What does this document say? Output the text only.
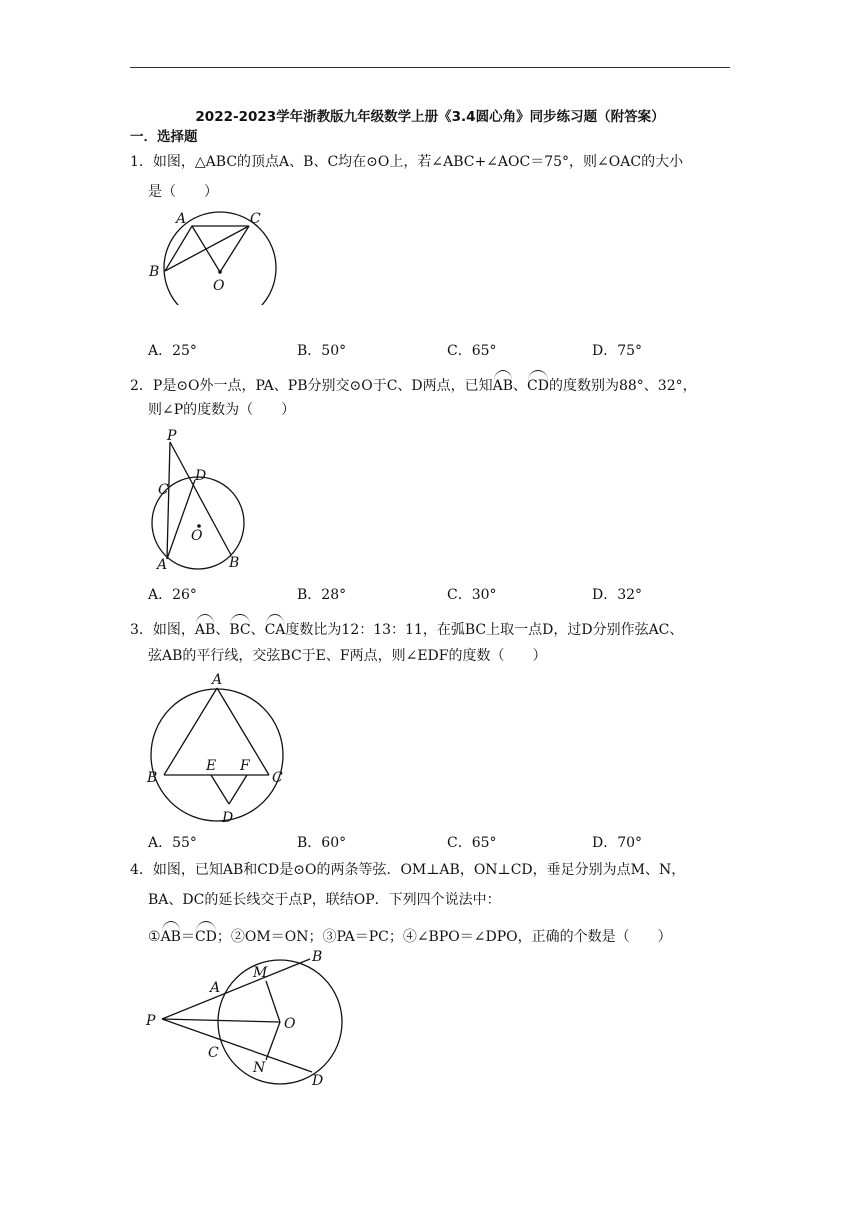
2022-2023学年浙教版九年级数学上册《3.4圆心角》同步练习题（附答案）
一．选择题
1．如图，△ABC的顶点A、B、C均在⊙O上，若∠ABC+∠AOC＝75°，则∠OAC的大小
是（　　）
A	C
B
O
A．25°	B．50°	C．65°	D．75°
2．P是⊙O外一点，PA、PB分别交⊙O于C、D两点，已知AB、CD的度数别为88°、32°，
则∠P的度数为（　　）
P
C
D
O
A	B
A．26°	B．28°	C．30°	D．32°
3．如图，AB、BC、CA度数比为12：13：11，在弧BC上取一点D，过D分别作弦AC、
弦AB的平行线，交弦BC于E、F两点，则∠EDF的度数（　　）
A
B	C
E F
D
A．55°	B．60°	C．65°	D．70°
4．如图，已知AB和CD是⊙O的两条等弦．OM⊥AB，ON⊥CD，垂足分别为点M、N，
BA、DC的延长线交于点P，联结OP．下列四个说法中：
①AB＝CD；②OM＝ON；③PA＝PC；④∠BPO＝∠DPO，正确的个数是（　　）
P
A
M
B
O
C
N
D
